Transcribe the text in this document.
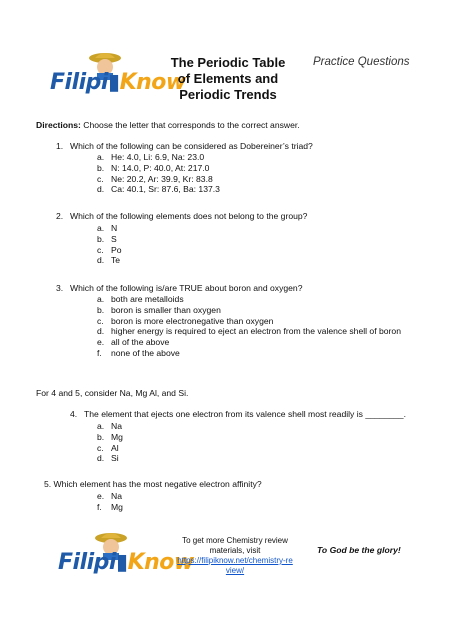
Filipi▮Know
The Periodic Table
of Elements and
Periodic Trends
Practice Questions
Directions: Choose the letter that corresponds to the correct answer.
1. Which of the following can be considered as Dobereiner’s triad?
a. He: 4.0, Li: 6.9, Na: 23.0
b. N: 14.0, P: 40.0, At: 217.0
c. Ne: 20.2, Ar: 39.9, Kr: 83.8
d. Ca: 40.1, Sr: 87.6, Ba: 137.3
2. Which of the following elements does not belong to the group?
a. N
b. S
c. Po
d. Te
3. Which of the following is/are TRUE about boron and oxygen?
a. both are metalloids
b. boron is smaller than oxygen
c. boron is more electronegative than oxygen
d. higher energy is required to eject an electron from the valence shell of boron
e. all of the above
f. none of the above
For 4 and 5, consider Na, Mg Al, and Si.
4. The element that ejects one electron from its valence shell most readily is ________.
a. Na
b. Mg
c. Al
d. Si
5. Which element has the most negative electron affinity?
e. Na
f. Mg
Filipi▮Know
To get more Chemistry review
materials, visit
https://filipiknow.net/chemistry-re
view/
To God be the glory!
